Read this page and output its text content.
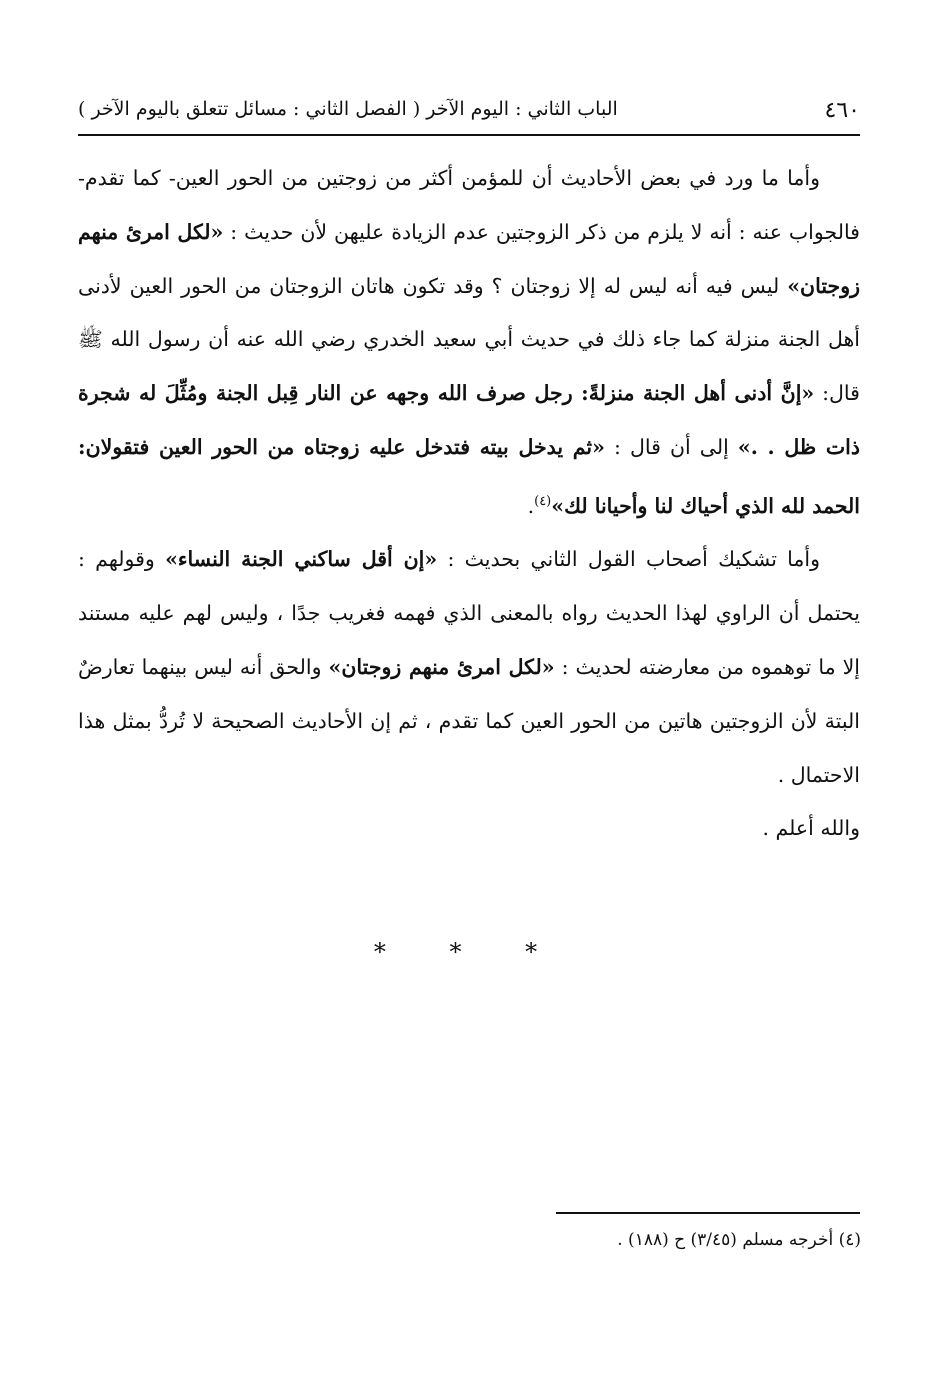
٤٦٠
الباب الثاني : اليوم الآخر ( الفصل الثاني : مسائل تتعلق باليوم الآخر )

وأما ما ورد في بعض الأحاديث أن للمؤمن أكثر من زوجتين من الحور العين- كما تقدم- فالجواب عنه : أنه لا يلزم من ذكر الزوجتين عدم الزيادة عليهن لأن حديث : «لكل امرئ منهم زوجتان» ليس فيه أنه ليس له إلا زوجتان ؟ وقد تكون هاتان الزوجتان من الحور العين لأدنى أهل الجنة منزلة كما جاء ذلك في حديث أبي سعيد الخدري رضي الله عنه أن رسول الله ﷺ قال: «إنَّ أدنى أهل الجنة منزلةً: رجل صرف الله وجهه عن النار قِبل الجنة ومُثِّلَ له شجرة ذات ظل . .» إلى أن قال : «ثم يدخل بيته فتدخل عليه زوجتاه من الحور العين فتقولان: الحمد لله الذي أحياك لنا وأحيانا لك»$^{(٤)}$.

وأما تشكيك أصحاب القول الثاني بحديث : «إن أقل ساكني الجنة النساء» وقولهم : يحتمل أن الراوي لهذا الحديث رواه بالمعنى الذي فهمه فغريب جدًا ، وليس لهم عليه مستند إلا ما توهموه من معارضته لحديث : «لكل امرئ منهم زوجتان» والحق أنه ليس بينهما تعارضٌ البتة لأن الزوجتين هاتين من الحور العين كما تقدم ، ثم إن الأحاديث الصحيحة لا تُردُّ بمثل هذا الاحتمال .

والله أعلم .

* * *
(٤) أخرجه مسلم (٣/٤٥) ح (١٨٨) .
